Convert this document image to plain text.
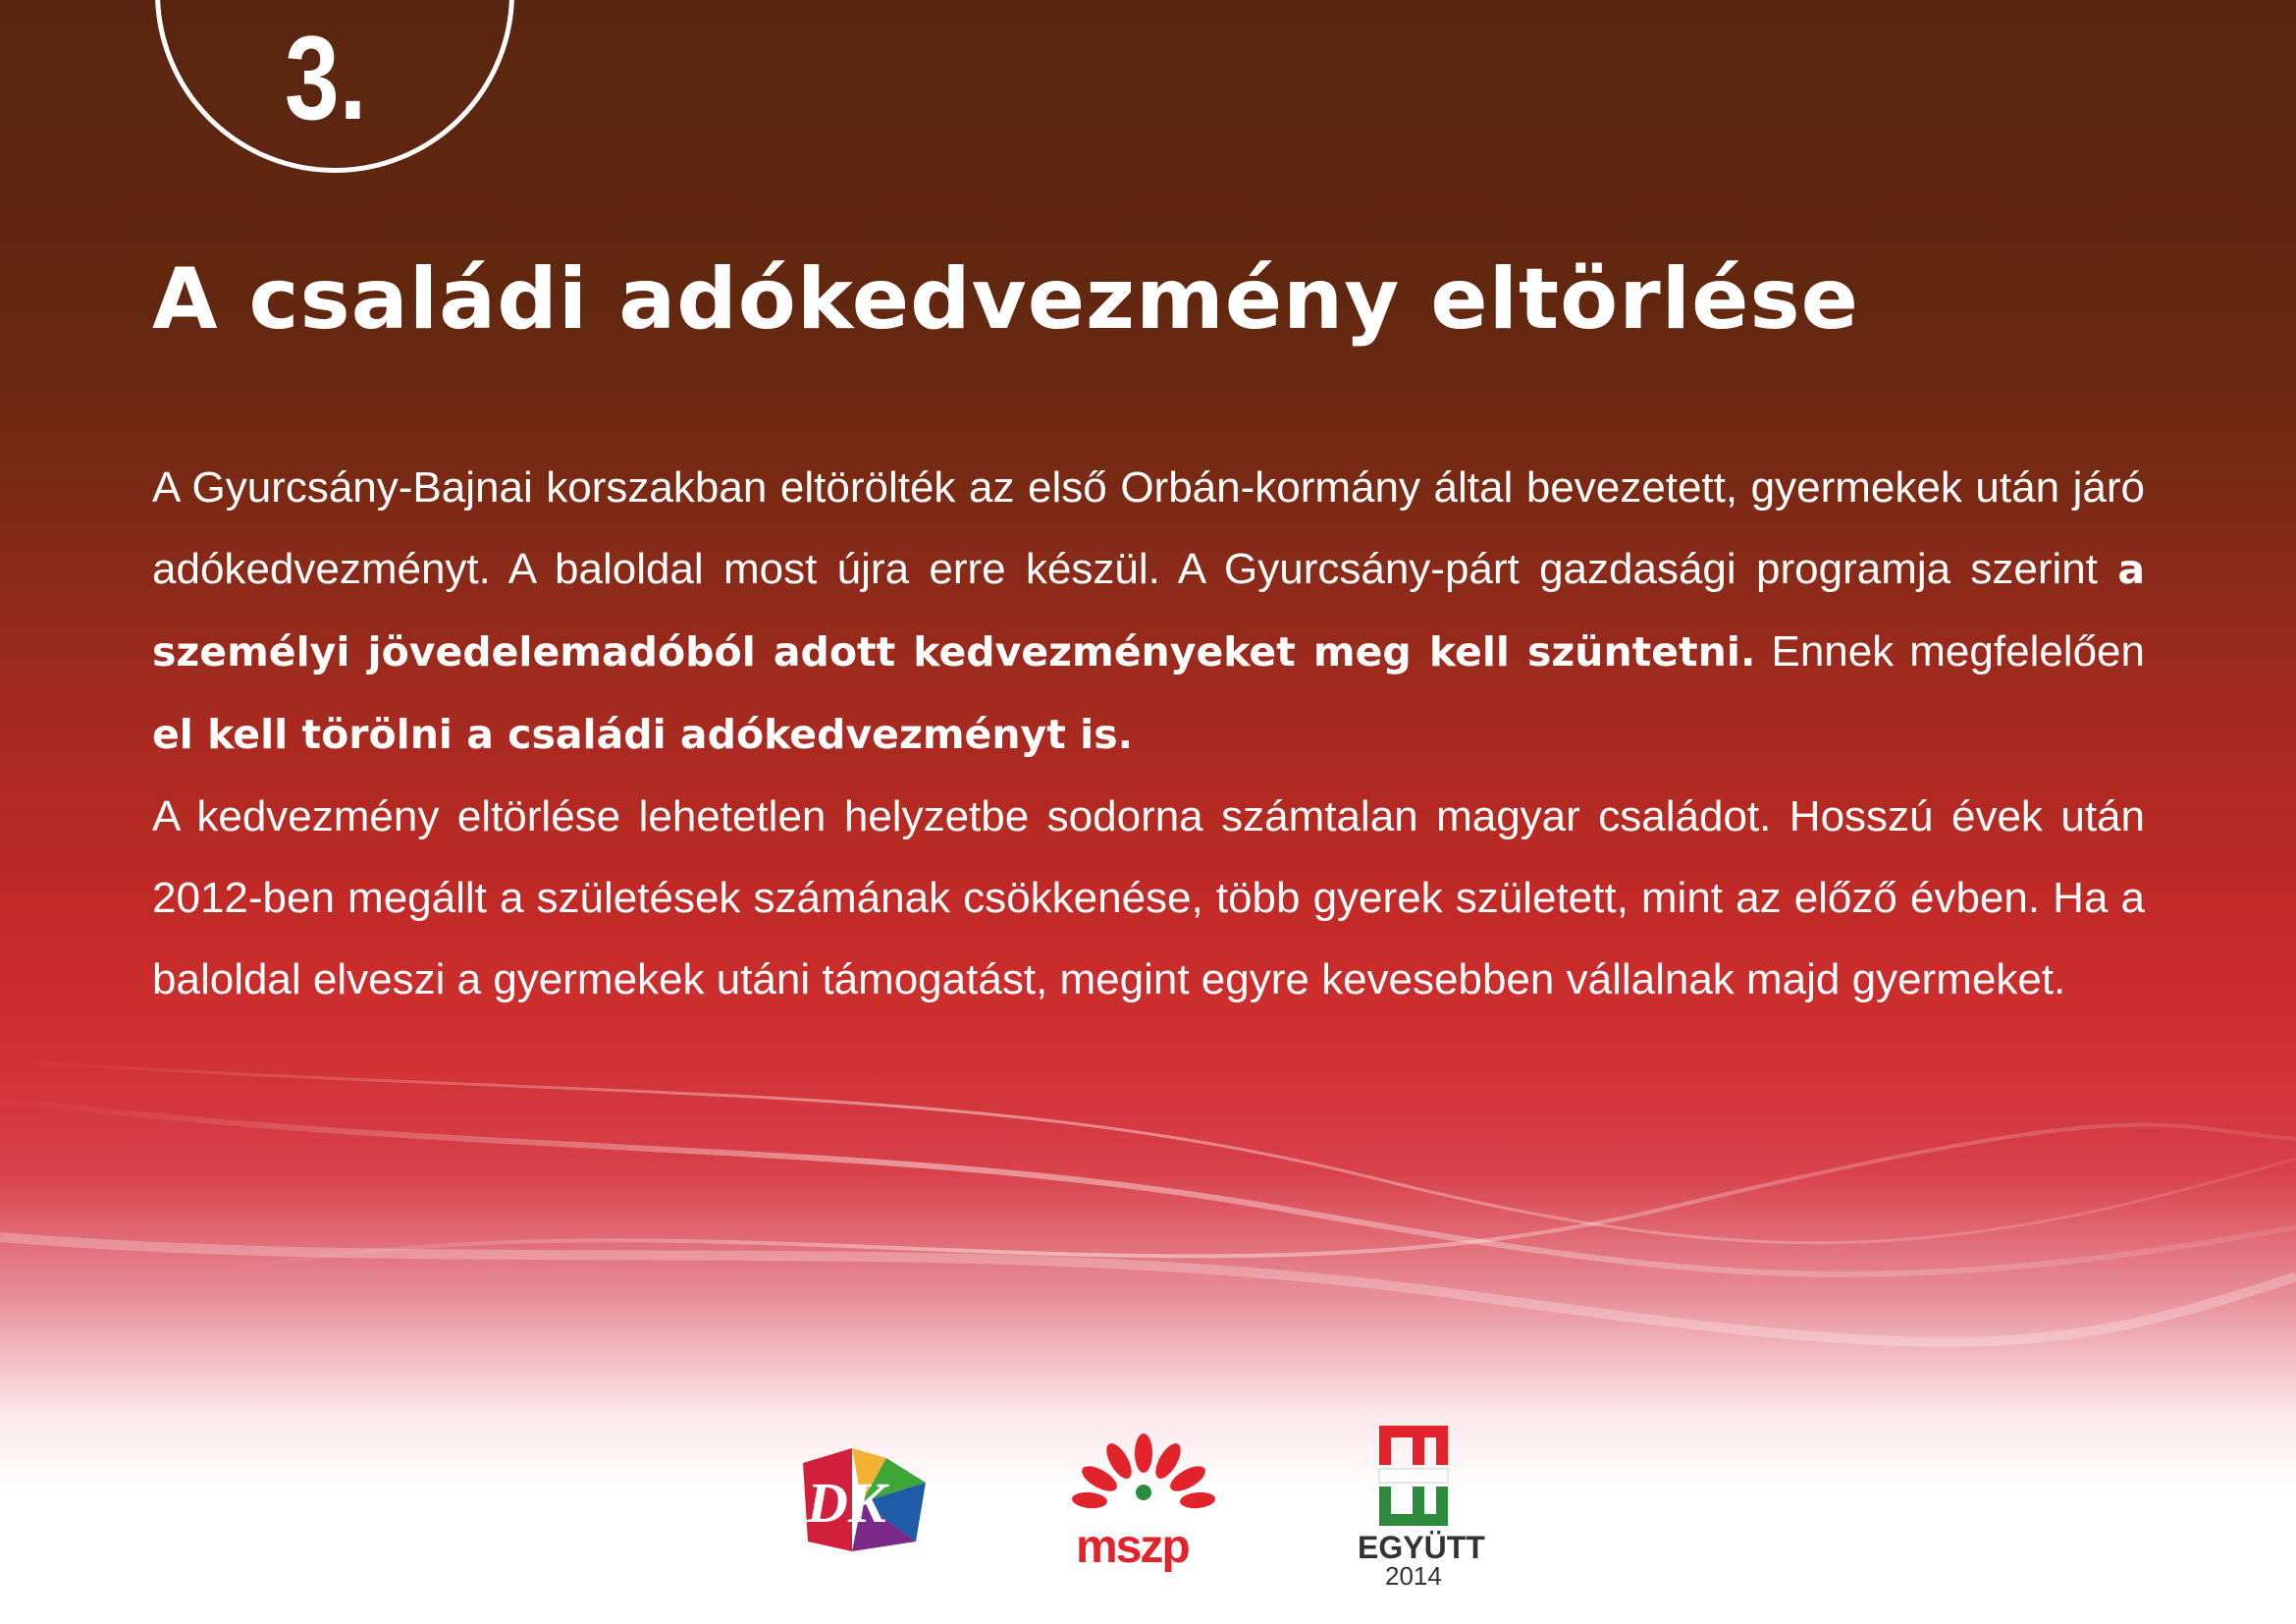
3.
A családi adókedvezmény eltörlése

A Gyurcsány-Bajnai korszakban eltörölték az első Orbán-kormány által bevezetett, gyermekek után járó adókedvezményt. A baloldal most újra erre készül. A Gyurcsány-párt gazdasági programja szerint a személyi jövedelemadóból adott kedvezményeket meg kell szüntetni. Ennek megfelelően el kell törölni a családi adókedvezményt is.
A kedvezmény eltörlése lehetetlen helyzetbe sodorna számtalan magyar családot. Hosszú évek után 2012-ben megállt a születések számának csökkenése, több gyerek született, mint az előző évben. Ha a baloldal elveszi a gyermekek utáni támogatást, megint egyre kevesebben vállalnak majd gyermeket.

DK
mszp	EGYÜTT
2014
